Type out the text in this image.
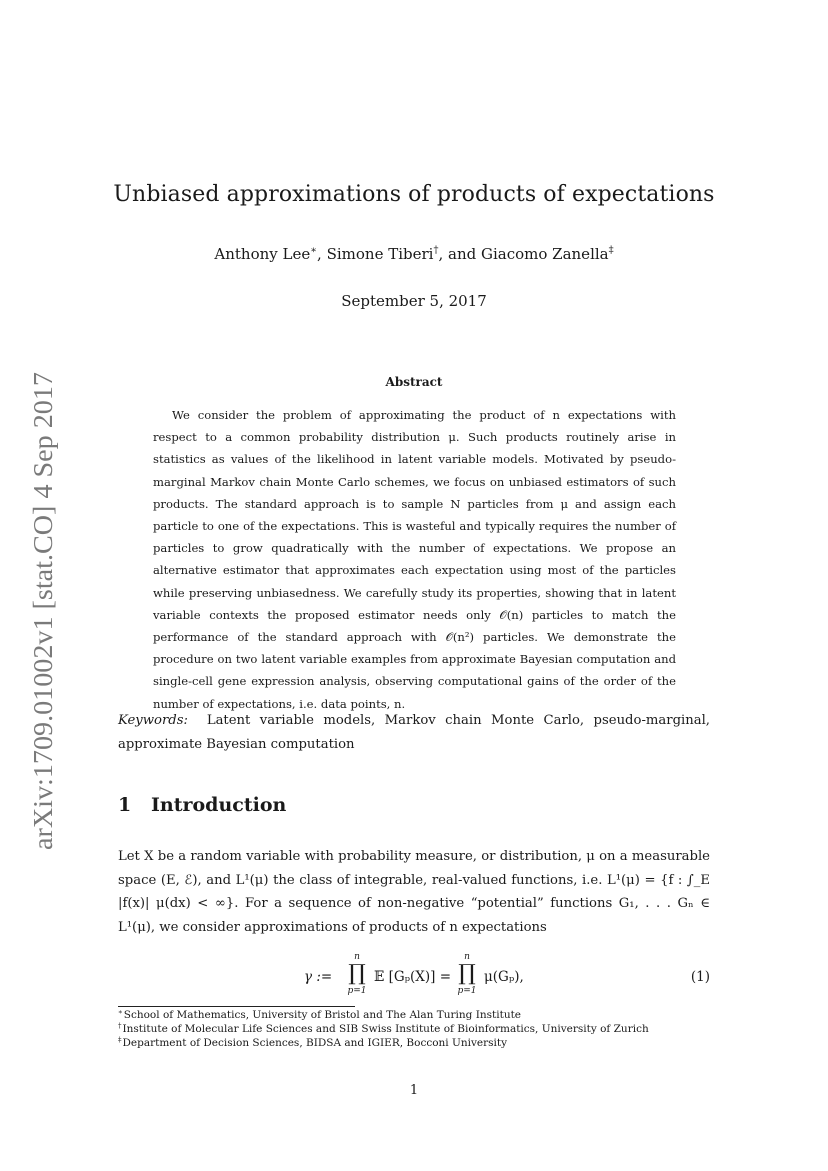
arXiv:1709.01002v1 [stat.CO] 4 Sep 2017
Unbiased approximations of products of expectations
Anthony Lee∗, Simone Tiberi†, and Giacomo Zanella‡
September 5, 2017
Abstract

We consider the problem of approximating the product of n expectations with respect to a common probability distribution μ. Such products routinely arise in statistics as values of the likelihood in latent variable models. Motivated by pseudo-marginal Markov chain Monte Carlo schemes, we focus on unbiased estimators of such products. The standard approach is to sample N particles from μ and assign each particle to one of the expectations. This is wasteful and typically requires the number of particles to grow quadratically with the number of expectations. We propose an alternative estimator that approximates each expectation using most of the particles while preserving unbiasedness. We carefully study its properties, showing that in latent variable contexts the proposed estimator needs only 𝒪(n) particles to match the performance of the standard approach with 𝒪(n²) particles. We demonstrate the procedure on two latent variable examples from approximate Bayesian computation and single-cell gene expression analysis, observing computational gains of the order of the number of expectations, i.e. data points, n.

Keywords: Latent variable models, Markov chain Monte Carlo, pseudo-marginal, approximate Bayesian computation

1 Introduction

Let X be a random variable with probability measure, or distribution, μ on a measurable space (E, ℰ), and L¹(μ) the class of integrable, real-valued functions, i.e. L¹(μ) = {f : ∫_E |f(x)| μ(dx) < ∞}. For a sequence of non-negative “potential” functions G₁, . . . Gₙ ∈ L¹(μ), we consider approximations of products of n expectations

γ :=
n
∏
p=1
𝔼 [Gₚ(X)] =
n
∏
p=1
μ(Gₚ),	(1)
∗School of Mathematics, University of Bristol and The Alan Turing Institute
†Institute of Molecular Life Sciences and SIB Swiss Institute of Bioinformatics, University of Zurich
‡Department of Decision Sciences, BIDSA and IGIER, Bocconi University
1
